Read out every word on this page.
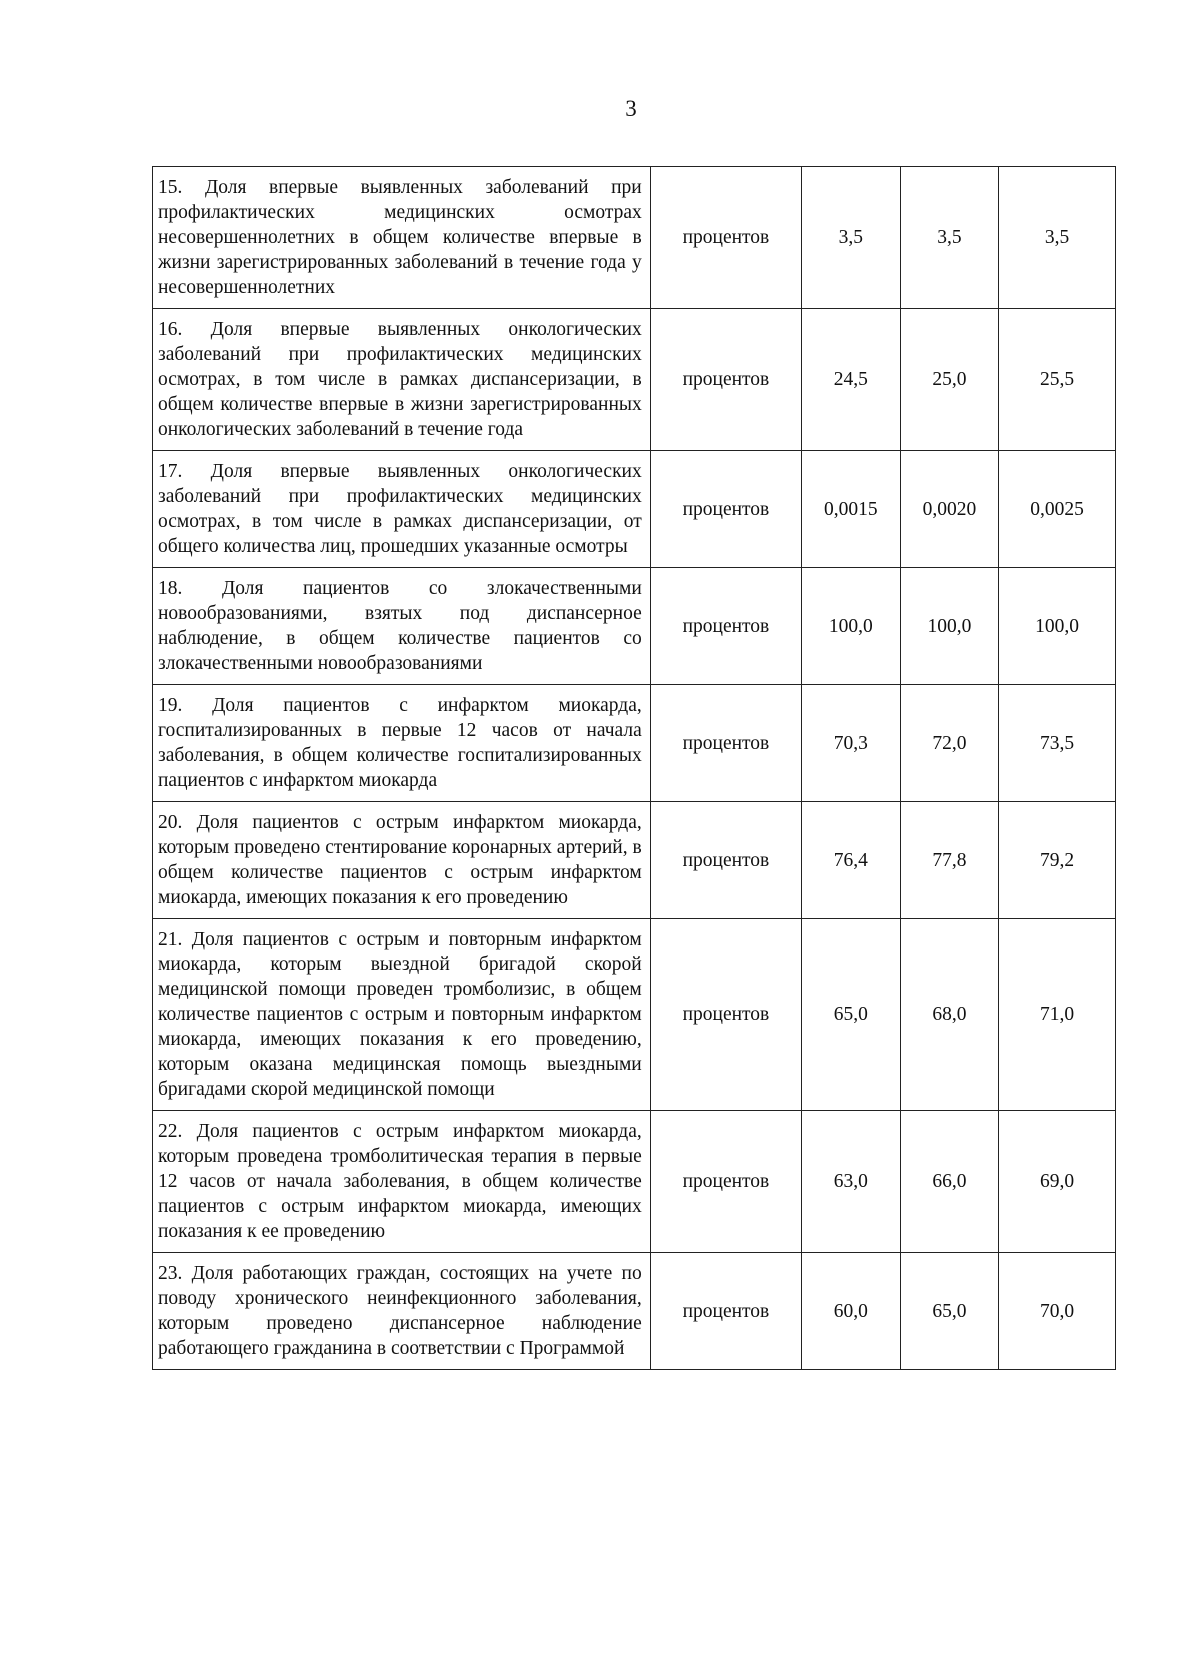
3
15. Доля впервые выявленных заболеваний при профилактических медицинских осмотрах несовершеннолетних в общем количестве впервые в жизни зарегистрированных заболеваний в течение года у несовершеннолетних	процентов	3,5	3,5	3,5
16. Доля впервые выявленных онкологических заболеваний при профилактических медицинских осмотрах, в том числе в рамках диспансеризации, в общем количестве впервые в жизни зарегистрированных онкологических заболеваний в течение года	процентов	24,5	25,0	25,5
17. Доля впервые выявленных онкологических заболеваний при профилактических медицинских осмотрах, в том числе в рамках диспансеризации, от общего количества лиц, прошедших указанные осмотры	процентов	0,0015	0,0020	0,0025
18. Доля пациентов со злокачественными новообразованиями, взятых под диспансерное наблюдение, в общем количестве пациентов со злокачественными новообразованиями	процентов	100,0	100,0	100,0
19. Доля пациентов с инфарктом миокарда, госпитализированных в первые 12 часов от начала заболевания, в общем количестве госпитализированных пациентов с инфарктом миокарда	процентов	70,3	72,0	73,5
20. Доля пациентов с острым инфарктом миокарда, которым проведено стентирование коронарных артерий, в общем количестве пациентов с острым инфарктом миокарда, имеющих показания к его проведению	процентов	76,4	77,8	79,2
21. Доля пациентов с острым и повторным инфарктом миокарда, которым выездной бригадой скорой медицинской помощи проведен тромболизис, в общем количестве пациентов с острым и повторным инфарктом миокарда, имеющих показания к его проведению, которым оказана медицинская помощь выездными бригадами скорой медицинской помощи	процентов	65,0	68,0	71,0
22. Доля пациентов с острым инфарктом миокарда, которым проведена тромболитическая терапия в первые 12 часов от начала заболевания, в общем количестве пациентов с острым инфарктом миокарда, имеющих показания к ее проведению	процентов	63,0	66,0	69,0
23. Доля работающих граждан, состоящих на учете по поводу хронического неинфекционного заболевания, которым проведено диспансерное наблюдение работающего гражданина в соответствии с Программой	процентов	60,0	65,0	70,0
